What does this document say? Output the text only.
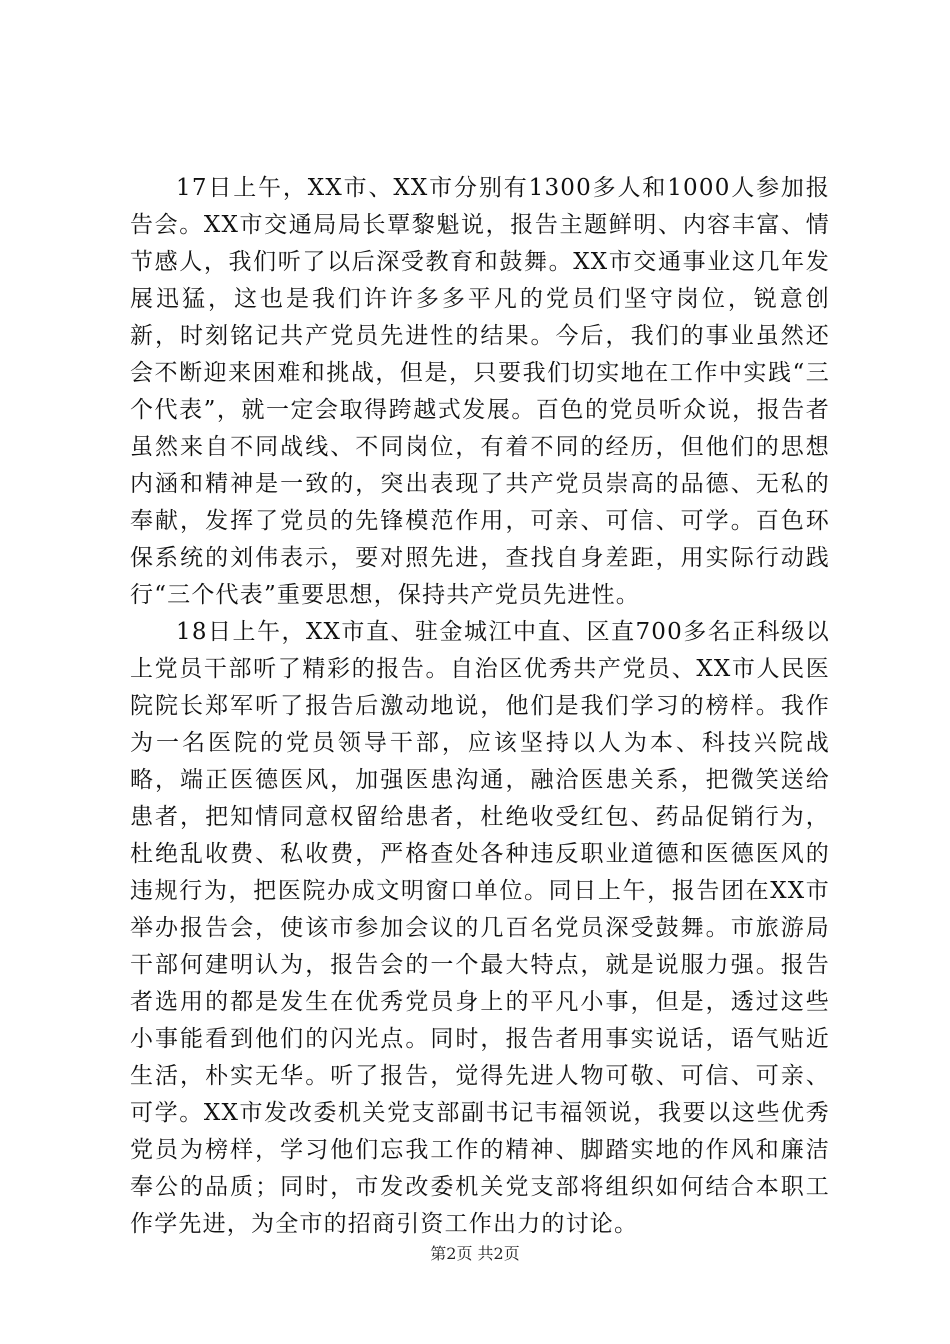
17日上午，XX市、XX市分别有1300多人和1000人参加报告会。XX市交通局局长覃黎魁说，报告主题鲜明、内容丰富、情节感人，我们听了以后深受教育和鼓舞。XX市交通事业这几年发展迅猛，这也是我们许许多多平凡的党员们坚守岗位，锐意创新，时刻铭记共产党员先进性的结果。今后，我们的事业虽然还会不断迎来困难和挑战，但是，只要我们切实地在工作中实践“三个代表”，就一定会取得跨越式发展。百色的党员听众说，报告者虽然来自不同战线、不同岗位，有着不同的经历，但他们的思想内涵和精神是一致的，突出表现了共产党员崇高的品德、无私的奉献，发挥了党员的先锋模范作用，可亲、可信、可学。百色环保系统的刘伟表示，要对照先进，查找自身差距，用实际行动践行“三个代表”重要思想，保持共产党员先进性。

18日上午，XX市直、驻金城江中直、区直700多名正科级以上党员干部听了精彩的报告。自治区优秀共产党员、XX市人民医院院长郑军听了报告后激动地说，他们是我们学习的榜样。我作为一名医院的党员领导干部，应该坚持以人为本、科技兴院战略，端正医德医风，加强医患沟通，融洽医患关系，把微笑送给患者，把知情同意权留给患者，杜绝收受红包、药品促销行为，杜绝乱收费、私收费，严格查处各种违反职业道德和医德医风的违规行为，把医院办成文明窗口单位。同日上午，报告团在XX市举办报告会，使该市参加会议的几百名党员深受鼓舞。市旅游局干部何建明认为，报告会的一个最大特点，就是说服力强。报告者选用的都是发生在优秀党员身上的平凡小事，但是，透过这些小事能看到他们的闪光点。同时，报告者用事实说话，语气贴近生活，朴实无华。听了报告，觉得先进人物可敬、可信、可亲、可学。XX市发改委机关党支部副书记韦福领说，我要以这些优秀党员为榜样，学习他们忘我工作的精神、脚踏实地的作风和廉洁奉公的品质；同时，市发改委机关党支部将组织如何结合本职工作学先进，为全市的招商引资工作出力的讨论。

第2页 共2页
